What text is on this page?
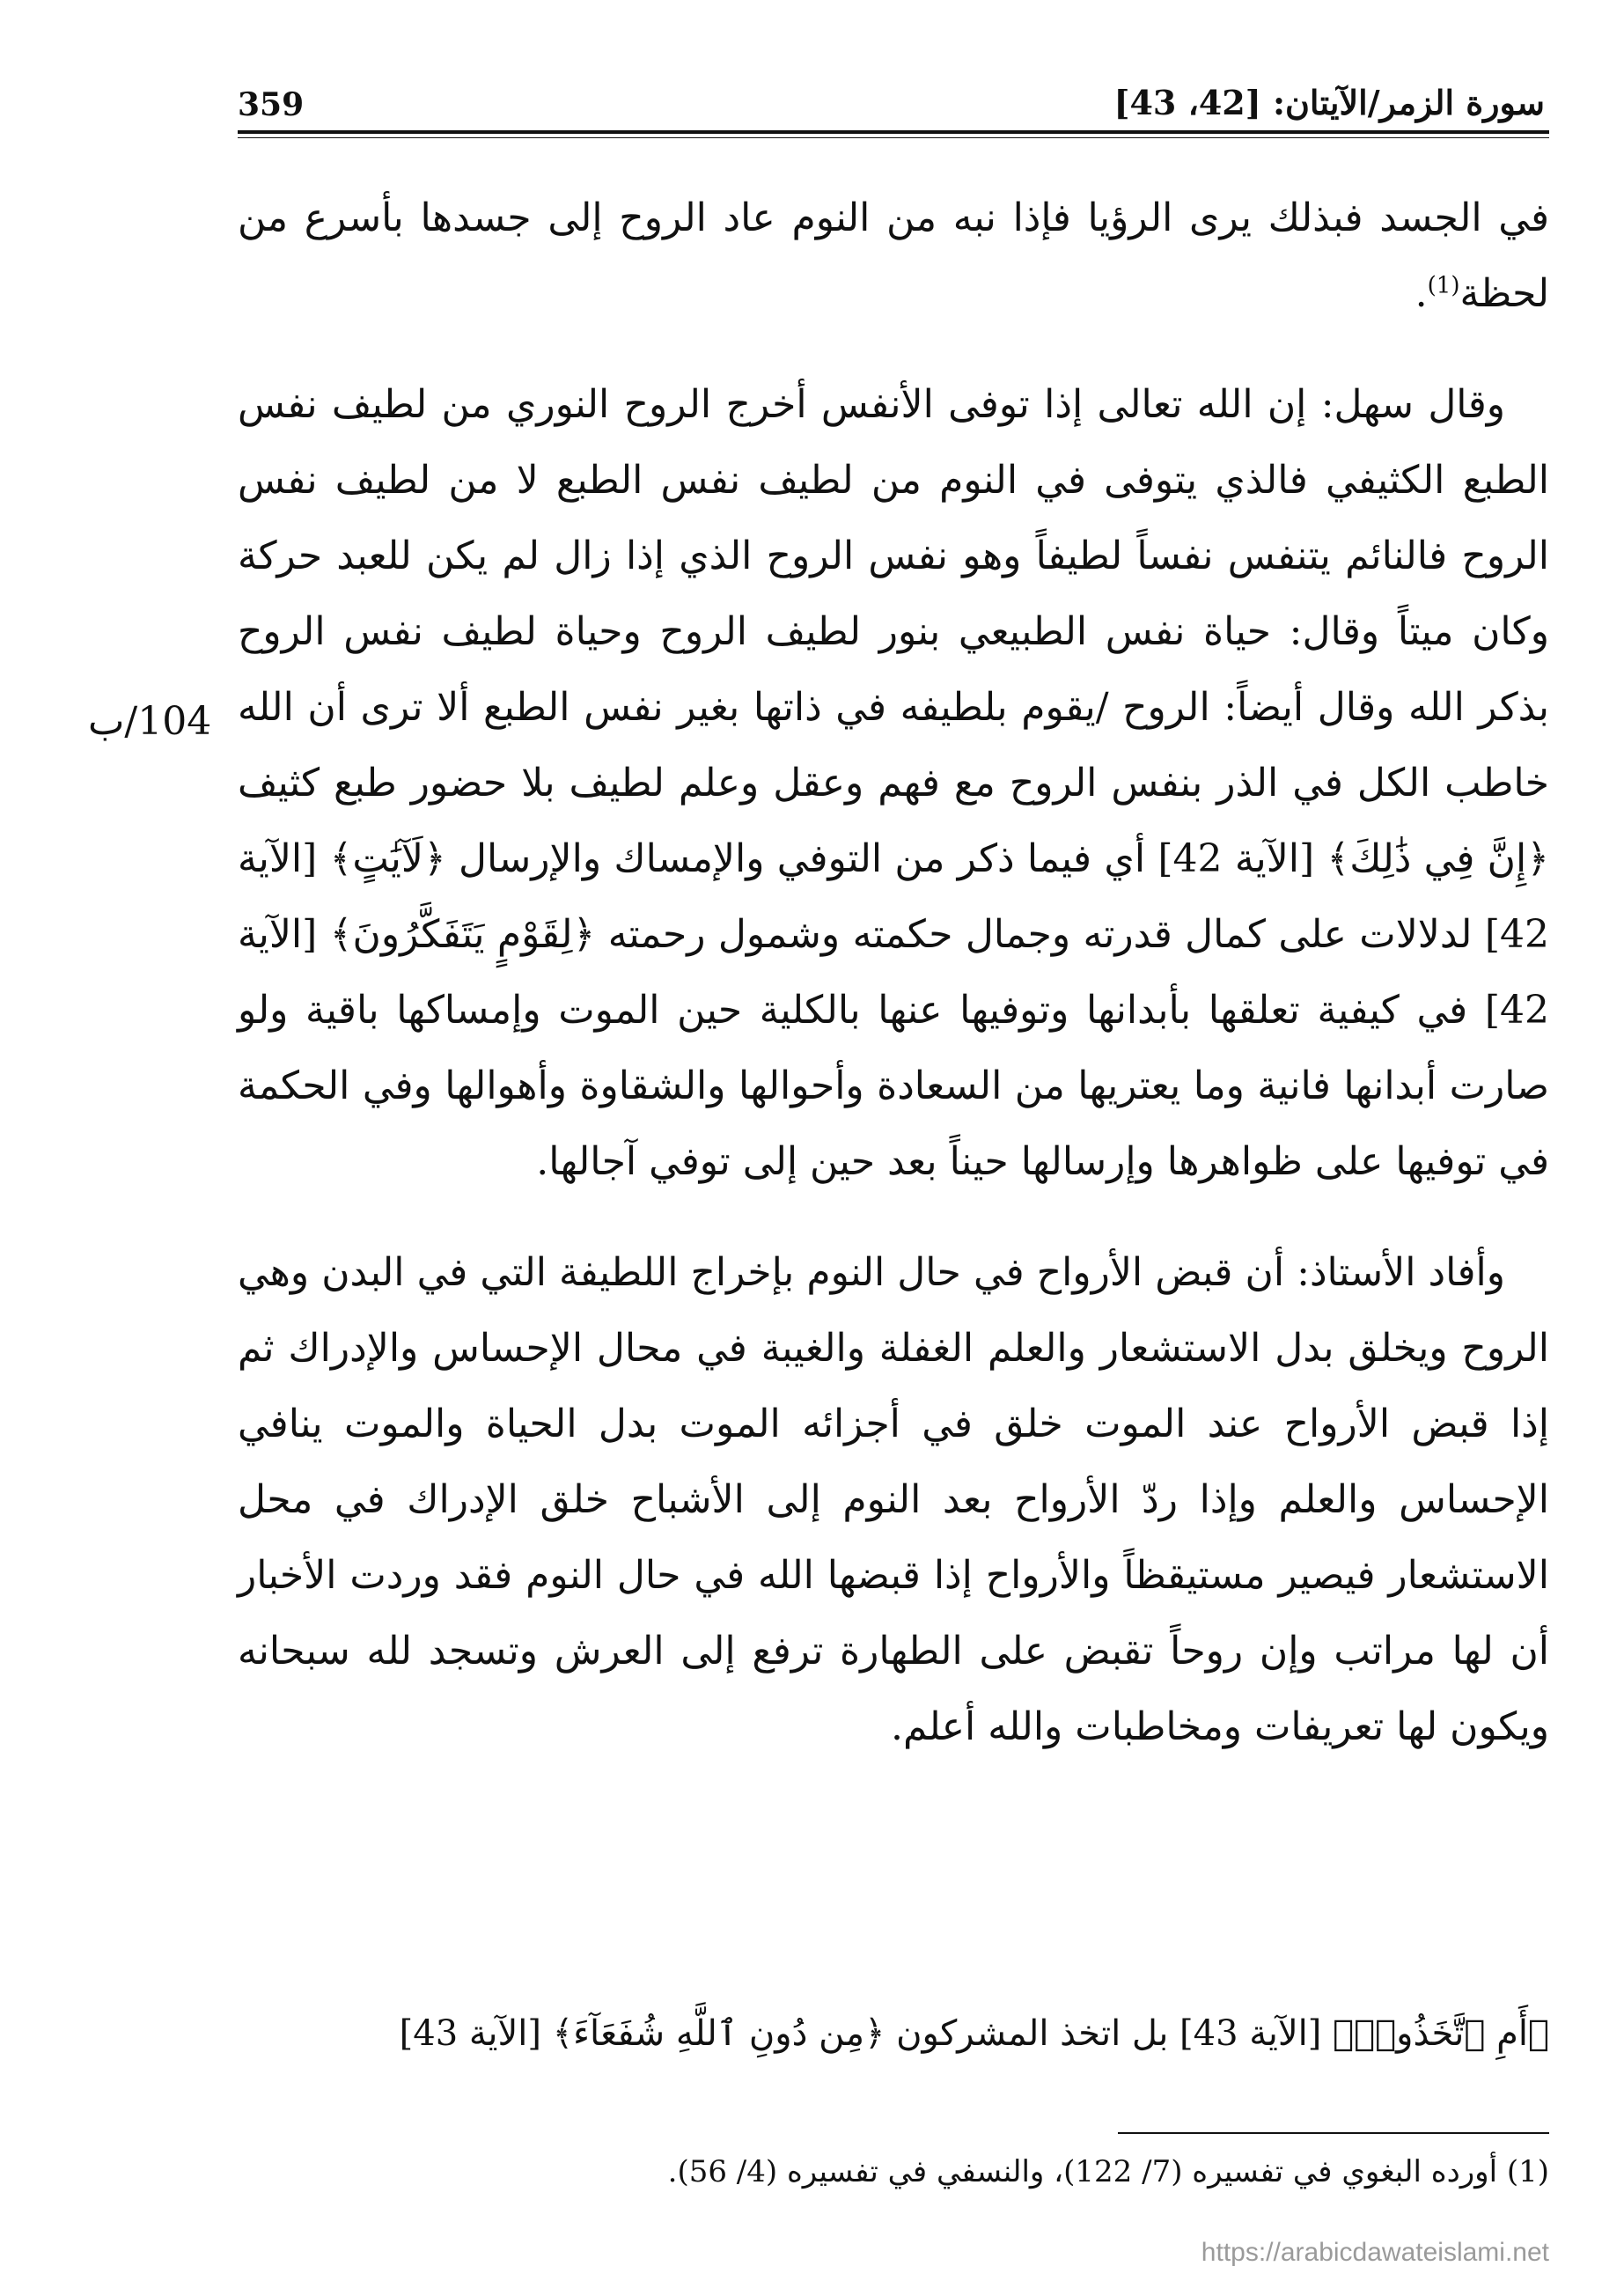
359	سورة الزمر/الآيتان: [42، 43]
104/ب

في الجسد فبذلك يرى الرؤيا فإذا نبه من النوم عاد الروح إلى جسدها بأسرع من لحظة$^{(1)}$.

وقال سهل: إن الله تعالى إذا توفى الأنفس أخرج الروح النوري من لطيف نفس الطبع الكثيفي فالذي يتوفى في النوم من لطيف نفس الطبع لا من لطيف نفس الروح فالنائم يتنفس نفساً لطيفاً وهو نفس الروح الذي إذا زال لم يكن للعبد حركة وكان ميتاً وقال: حياة نفس الطبيعي بنور لطيف الروح وحياة لطيف نفس الروح بذكر الله وقال أيضاً: الروح /يقوم بلطيفه في ذاتها بغير نفس الطبع ألا ترى أن الله خاطب الكل في الذر بنفس الروح مع فهم وعقل وعلم لطيف بلا حضور طبع كثيف ﴿إِنَّ فِي ذَٰلِكَ﴾ [الآية 42] أي فيما ذكر من التوفي والإمساك والإرسال ﴿لَآيَٰتٍ﴾ [الآية 42] لدلالات على كمال قدرته وجمال حكمته وشمول رحمته ﴿لِقَوْمٍ يَتَفَكَّرُونَ﴾ [الآية 42] في كيفية تعلقها بأبدانها وتوفيها عنها بالكلية حين الموت وإمساكها باقية ولو صارت أبدانها فانية وما يعتريها من السعادة وأحوالها والشقاوة وأهوالها وفي الحكمة في توفيها على ظواهرها وإرسالها حيناً بعد حين إلى توفي آجالها.

وأفاد الأستاذ: أن قبض الأرواح في حال النوم بإخراج اللطيفة التي في البدن وهي الروح ويخلق بدل الاستشعار والعلم الغفلة والغيبة في محال الإحساس والإدراك ثم إذا قبض الأرواح عند الموت خلق في أجزائه الموت بدل الحياة والموت ينافي الإحساس والعلم وإذا ردّ الأرواح بعد النوم إلى الأشباح خلق الإدراك في محل الاستشعار فيصير مستيقظاً والأرواح إذا قبضها الله في حال النوم فقد وردت الأخبار أن لها مراتب وإن روحاً تقبض على الطهارة ترفع إلى العرش وتسجد لله سبحانه ويكون لها تعريفات ومخاطبات والله أعلم.

﴿أَمِ ٱتَّخَذُوا۟﴾ [الآية 43] بل اتخذ المشركون ﴿مِن دُونِ ٱللَّهِ شُفَعَآءَ﴾ [الآية 43]
(1) أورده البغوي في تفسيره (7/ 122)، والنسفي في تفسيره (4/ 56).
https://arabicdawateislami.net
